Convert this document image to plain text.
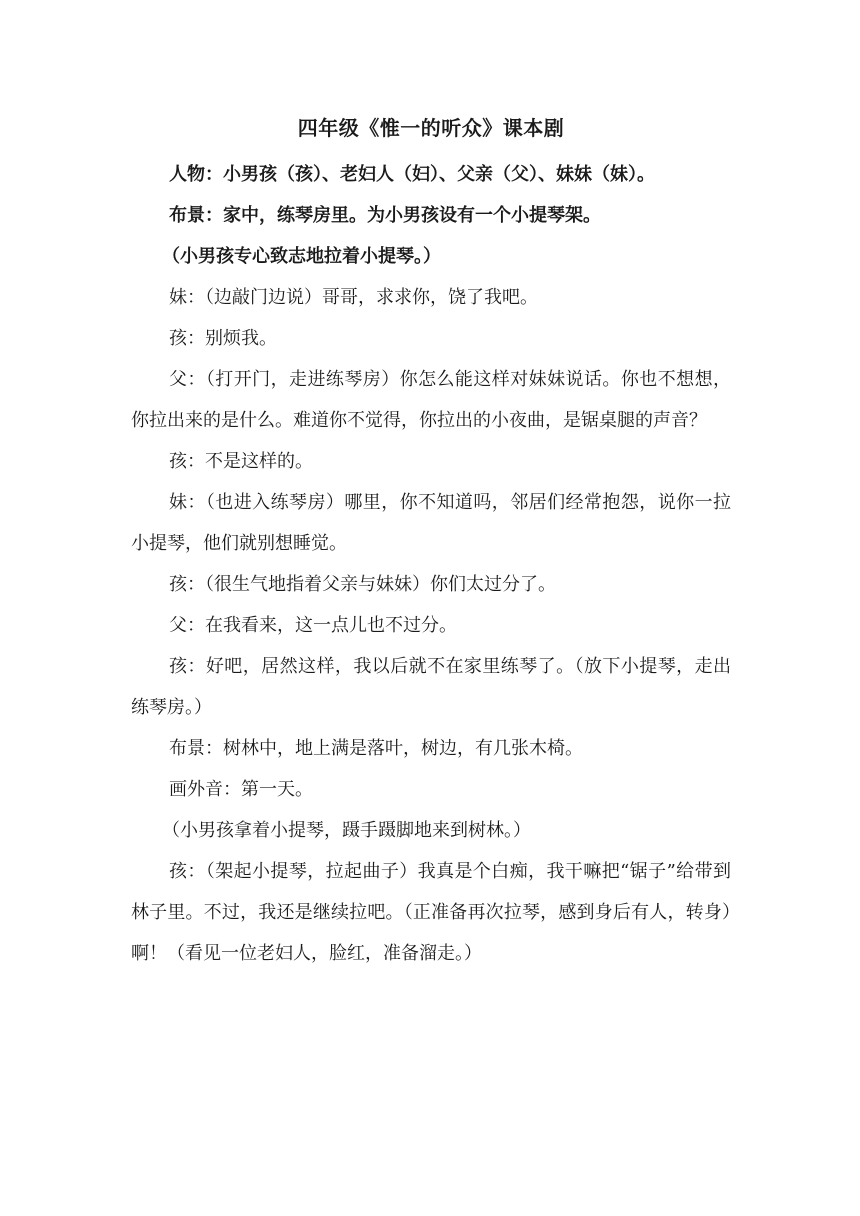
四年级《惟一的听众》课本剧

人物：小男孩（孩）、老妇人（妇）、父亲（父）、妹妹（妹）。

布景：家中，练琴房里。为小男孩设有一个小提琴架。

（小男孩专心致志地拉着小提琴。）

妹：（边敲门边说）哥哥，求求你，饶了我吧。

孩：别烦我。

父：（打开门，走进练琴房）你怎么能这样对妹妹说话。你也不想想，你拉出来的是什么。难道你不觉得，你拉出的小夜曲，是锯桌腿的声音？

孩：不是这样的。

妹：（也进入练琴房）哪里，你不知道吗，邻居们经常抱怨，说你一拉小提琴，他们就别想睡觉。

孩：（很生气地指着父亲与妹妹）你们太过分了。

父：在我看来，这一点儿也不过分。

孩：好吧，居然这样，我以后就不在家里练琴了。（放下小提琴，走出练琴房。）

布景：树林中，地上满是落叶，树边，有几张木椅。

画外音：第一天。

（小男孩拿着小提琴，蹑手蹑脚地来到树林。）

孩：（架起小提琴，拉起曲子）我真是个白痴，我干嘛把“锯子”给带到林子里。不过，我还是继续拉吧。（正准备再次拉琴，感到身后有人，转身）啊！（看见一位老妇人，脸红，准备溜走。）
